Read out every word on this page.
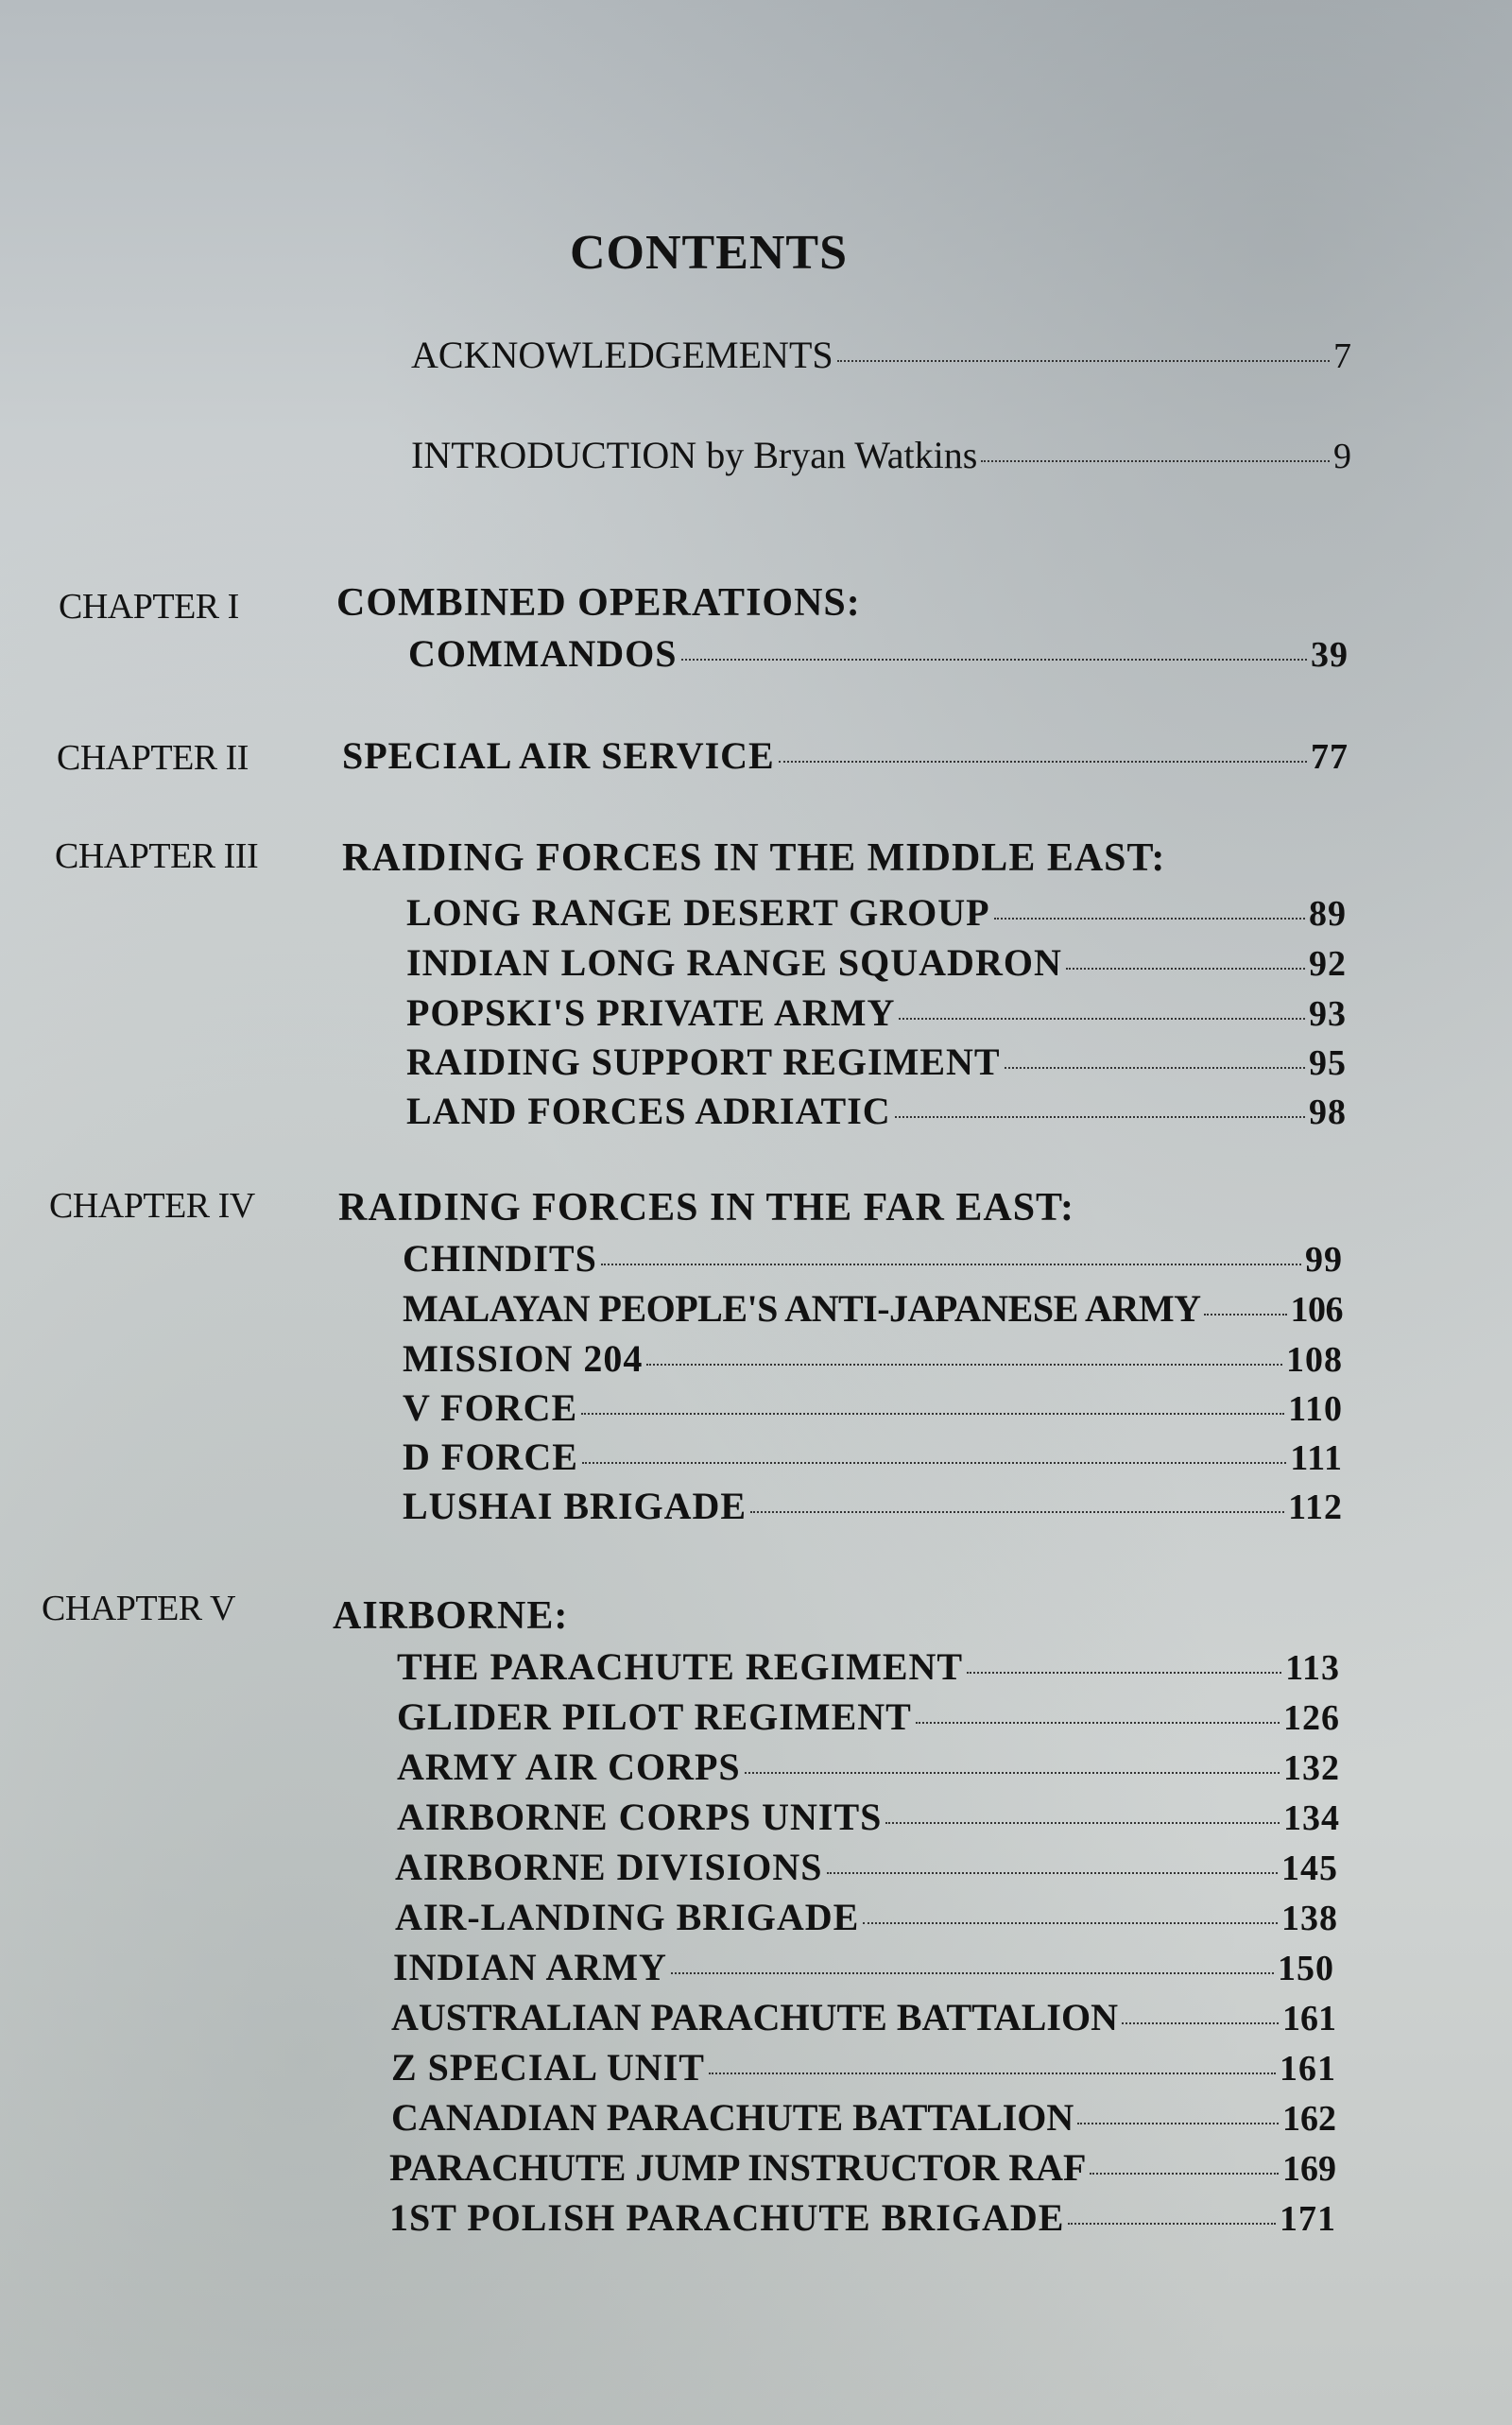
CONTENTS
ACKNOWLEDGEMENTS	7
INTRODUCTION by Bryan Watkins	9
CHAPTER I COMBINED OPERATIONS:
COMMANDOS	39
CHAPTER II SPECIAL AIR SERVICE	77
CHAPTER III RAIDING FORCES IN THE MIDDLE EAST:
LONG RANGE DESERT GROUP	89
INDIAN LONG RANGE SQUADRON	92
POPSKI'S PRIVATE ARMY	93
RAIDING SUPPORT REGIMENT	95
LAND FORCES ADRIATIC	98
CHAPTER IV RAIDING FORCES IN THE FAR EAST:
CHINDITS	99
MALAYAN PEOPLE'S ANTI-JAPANESE ARMY	106
MISSION 204	108
V FORCE	110
D FORCE	111
LUSHAI BRIGADE	112
CHAPTER V AIRBORNE:
THE PARACHUTE REGIMENT	113
GLIDER PILOT REGIMENT	126
ARMY AIR CORPS	132
AIRBORNE CORPS UNITS	134
AIRBORNE DIVISIONS	145
AIR-LANDING BRIGADE	138
INDIAN ARMY	150
AUSTRALIAN PARACHUTE BATTALION	161
Z SPECIAL UNIT	161
CANADIAN PARACHUTE BATTALION	162
PARACHUTE JUMP INSTRUCTOR RAF	169
1ST POLISH PARACHUTE BRIGADE	171
